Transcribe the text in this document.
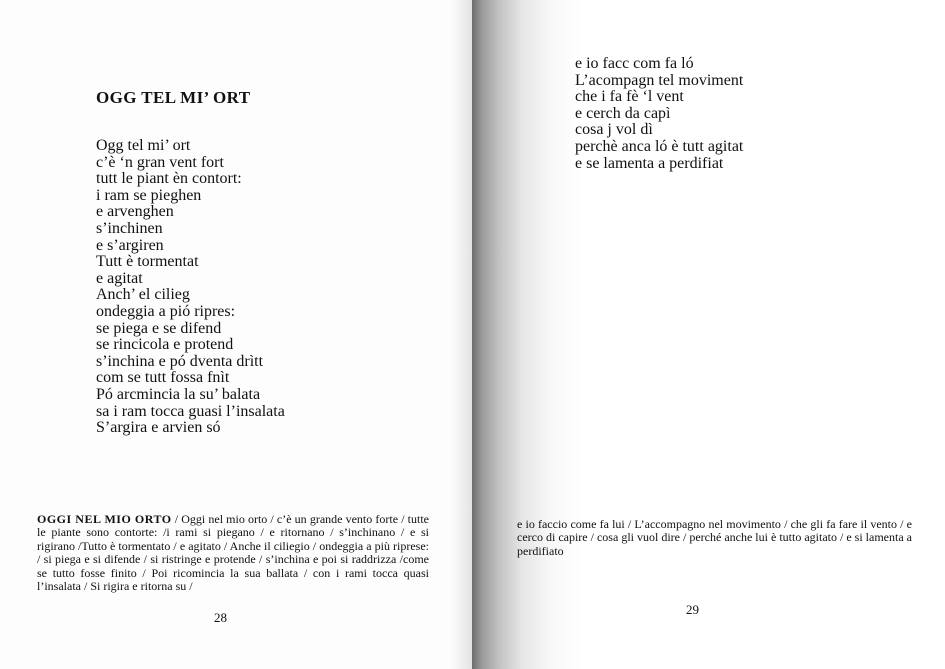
OGG TEL MI’ ORT
Ogg tel mi’ ort
c’è ‘n gran vent fort
tutt le piant èn contort:
i ram se pieghen
e arvenghen
s’inchinen
e s’argiren
Tutt è tormentat
e agitat
Anch’ el cilieg
ondeggia a pió ripres:
se piega e se difend
se rincicola e protend
s’inchina e pó dventa drìtt
com se tutt fossa fnìt
Pó arcmincia la su’ balata
sa i ram tocca guasi l’insalata
S’argira e arvien só

OGGI NEL MIO ORTO / Oggi nel mio orto / c’è un grande vento forte / tutte le piante sono contorte: /i rami si piegano / e ritornano / s’inchinano / e si rigirano /Tutto è tormentato / e agitato / Anche il ciliegio / ondeggia a più riprese: / si piega e si difende / si ristringe e protende / s’inchina e poi si raddrizza /come se tutto fosse finito / Poi ricomincia la sua ballata / con i rami tocca quasi l’insalata / Si rigira e ritorna su /

28
e io facc com fa ló
L’acompagn tel moviment
che i fa fè ‘l vent
e cerch da capì
cosa j vol dì
perchè anca ló è tutt agitat
e se lamenta a perdifiat

e io faccio come fa lui / L’accompagno nel movimento / che gli fa fare il vento / e cerco di capire / cosa gli vuol dire / perché anche lui è tutto agitato / e si lamenta a perdifiato

29
